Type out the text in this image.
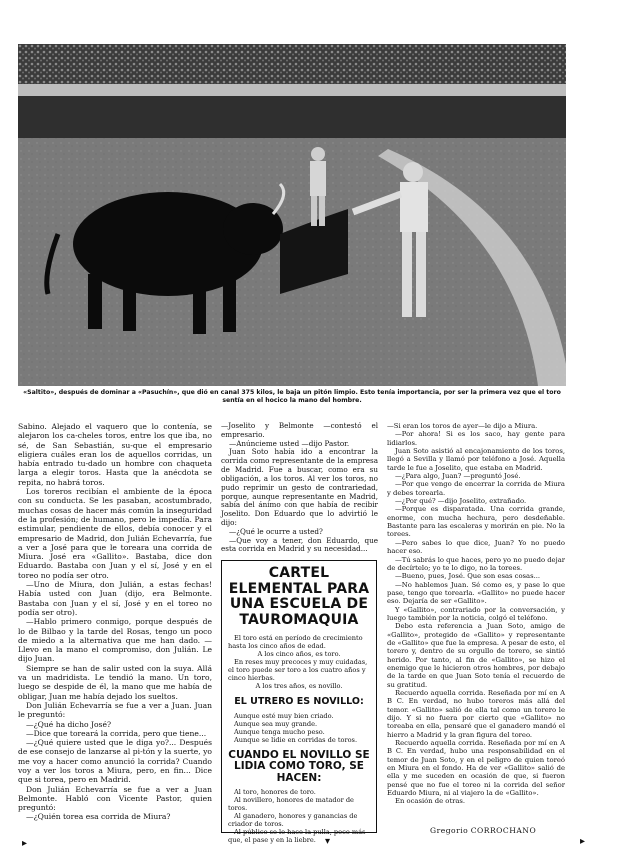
«Saltito», después de dominar a «Pasuchín», que dió en canal 375 kilos, le baja un pitón limpio. Esto tenía importancia, por ser la primera vez que el toro sentía en el hocico la mano del hombre.

Sabino. Alejado el vaquero que lo contenía, se alejaron los ca-cheles toros, entre los que iba, no sé, de San Sebastián, su-que el empresario eligiera cuáles eran los de aquellos corridas, un había entrado tu-dado un hombre con chaqueta larga a elegir toros. Hasta que la anécdota se repita, no habrá toros.

Los toreros recibían el ambiente de la época con su conducta. Se les pasaban, acostumbrado, muchas cosas de hacer más común la inseguridad de la profesión; de humano, pero le impedía. Para estimular, pendiente de ellos, debía conocer y el empresario de Madrid, don Julián Echevarría, fue a ver a José para que le toreara una corrida de Miura. José era «Gallito». Bastaba, dice don Eduardo. Bastaba con Juan y el sí, José y en el toreo no podía ser otro.

—Uno de Miura, don Julián, a estas fechas! Había usted con Juan (dijo, era Belmonte. Bastaba con Juan y el sí, José y en el toreo no podía ser otro).

—Hablo primero conmigo, porque después de lo de Bilbao y la tarde del Rosas, tengo un poco de miedo a la alternativa que me han dado. —Llevo en la mano el compromiso, don Julián. Le dijo Juan.

Siempre se han de salir usted con la suya. Allá va un madridista. Le tendió la mano. Un toro, luego se despide de él, la mano que me había de obligar, Juan me había dejado los sueltos.

Don Julián Echevarría se fue a ver a Juan. Juan le preguntó:

—¿Qué ha dicho José?

—Dice que toreará la corrida, pero que tiene...

—¿Qué quiere usted que le diga yo?... Después de ese consejo de lanzarse al pi-tón y la suerte, yo me voy a hacer como anunció la corrida? Cuando voy a ver los toros a Miura, pero, en fin... Dice que si torea, pero en Madrid.

Don Julián Echevarría se fue a ver a Juan Belmonte. Habló con Vicente Pastor, quien preguntó:

—¿Quién torea esa corrida de Miura?

—Joselito y Belmonte —contestó el empresario.

—Anúncieme usted —dijo Pastor.

Juan Soto había ido a encontrar la corrida como representante de la empresa de Madrid. Fue a buscar, como era su obligación, a los toros. Al ver los toros, no pudo reprimir un gesto de contrariedad, porque, aunque representante en Madrid, sabía del ánimo con que había de recibir Joselito. Don Eduardo que lo advirtió le dijo:

—¿Qué le ocurre a usted?

—Que voy a tener, don Eduardo, que esta corrida en Madrid y su necesidad...

CARTEL ELEMENTAL PARA UNA ESCUELA DE TAUROMAQUIA

El toro está en período de crecimiento hasta los cinco años de edad.

A los cinco años, es toro.

En reses muy precoces y muy cuidadas, el toro puede ser toro a los cuatro años y cinco hierbas.

A los tres años, es novillo.

EL UTRERO ES NOVILLO:

Aunque esté muy bien criado.

Aunque sea muy grande.

Aunque tenga mucho peso.

Aunque se lidie en corridas de toros.

CUANDO EL NOVILLO SE LIDIA COMO TORO, SE HACEN:

Al toro, honores de toro.

Al novillero, honores de matador de toros.

Al ganadero, honores y ganancias de criador de toros.

Al público se le hace la pulla, poco más que, el pase y en la liebre.

—Si eran los toros de ayer—le dijo a Miura.

—Por ahora! Si es los saco, hay gente para lidiarlos.

Juan Soto asistió al encajonamiento de los toros, llegó a Sevilla y llamó por teléfono a José. Aquella tarde le fue a Joselito, que estaba en Madrid.

—¿Para algo, Juan? —preguntó José.

—Por que vengo de encerrar la corrida de Miura y debes torearla.

—¿Por qué? —dijo Joselito, extrañado.

—Porque es disparatada. Una corrida grande, enorme, con mucha hechura, pero desdeñable. Bastante para las escaleras y morirán en pie. No la torees.

—Pero sabes lo que dice, Juan? Yo no puedo hacer eso.

—Tú sabrás lo que haces, pero yo no puedo dejar de decírtelo; yo te lo digo, no la torees.

—Bueno, pues, José. Que son esas cosas...

—No hablemos Juan. Sé como es, y pase lo que pase, tengo que torearla. «Gallito» no puede hacer eso. Dejaría de ser «Gallito».

Y «Gallito», contrariado por la conversación, y luego también por la noticia, colgó el teléfono.

Debo esta referencia a Juan Soto, amigo de «Gallito», protegido de «Gallito» y representante de «Gallito» que fue la empresa. A pesar de esto, el torero y, dentro de su orgullo de torero, se sintió herido. Por tanto, al fin de «Gallito», se hizo el enemigo que le hicieron otros hombres, por debajo de la tarde en que Juan Soto tenía el recuerdo de su gratitud.

Recuerdo aquella corrida. Reseñada por mí en A B C. En verdad, no hubo toreros más allá del temor. «Gallito» salió de ella tal como un torero le dijo. Y si no fuera por cierto que «Gallito» no toreaba en ella, pensaré que el ganadero mandó el hierro a Madrid y la gran figura del toreo.

Recuerdo aquella corrida. Reseñada por mí en A B C. En verdad, hubo una responsabilidad en el temor de Juan Soto, y en el peligro de quien toreó en Miura en el fondo. Ha de ver «Gallito» salió de ella y me suceden en ocasión de que, si fueron pensé que no fue el toreo ni la corrida del señor Eduardo Miura, ni al viajero la de «Gallito».

En ocasión de otras.

Gregorio CORROCHANO
▸	▾	▸
